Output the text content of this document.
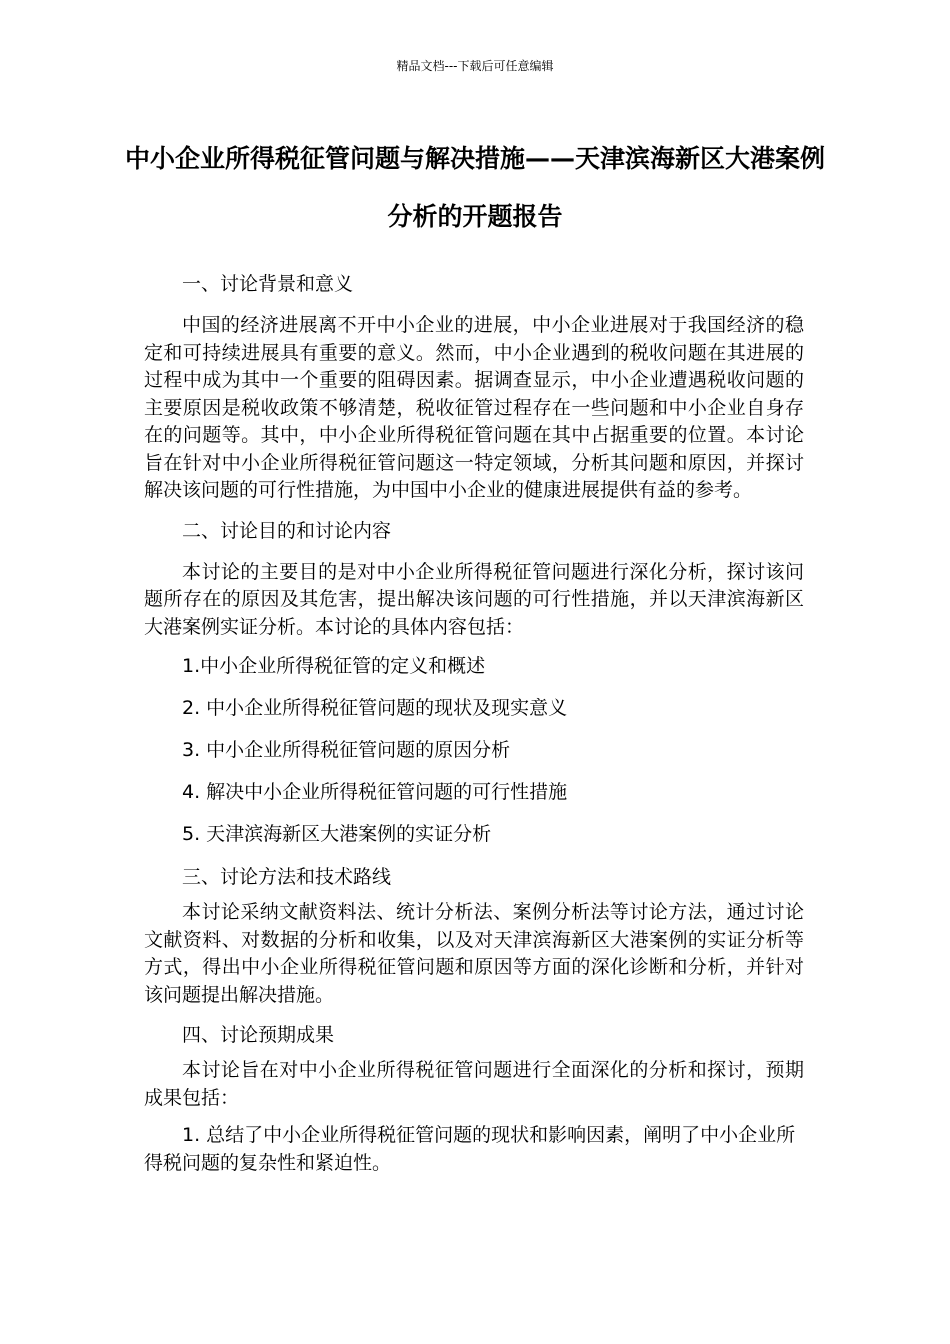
精品文档---下载后可任意编辑
中小企业所得税征管问题与解决措施——天津滨海新区大港案例分析的开题报告

一、讨论背景和意义

中国的经济进展离不开中小企业的进展，中小企业进展对于我国经济的稳定和可持续进展具有重要的意义。然而，中小企业遇到的税收问题在其进展的过程中成为其中一个重要的阻碍因素。据调查显示，中小企业遭遇税收问题的主要原因是税收政策不够清楚，税收征管过程存在一些问题和中小企业自身存在的问题等。其中，中小企业所得税征管问题在其中占据重要的位置。本讨论旨在针对中小企业所得税征管问题这一特定领域，分析其问题和原因，并探讨解决该问题的可行性措施，为中国中小企业的健康进展提供有益的参考。

二、讨论目的和讨论内容

本讨论的主要目的是对中小企业所得税征管问题进行深化分析，探讨该问题所存在的原因及其危害，提出解决该问题的可行性措施，并以天津滨海新区大港案例实证分析。本讨论的具体内容包括：

1.中小企业所得税征管的定义和概述

2. 中小企业所得税征管问题的现状及现实意义

3. 中小企业所得税征管问题的原因分析

4. 解决中小企业所得税征管问题的可行性措施

5. 天津滨海新区大港案例的实证分析

三、讨论方法和技术路线

本讨论采纳文献资料法、统计分析法、案例分析法等讨论方法，通过讨论文献资料、对数据的分析和收集，以及对天津滨海新区大港案例的实证分析等方式，得出中小企业所得税征管问题和原因等方面的深化诊断和分析，并针对该问题提出解决措施。

四、讨论预期成果

本讨论旨在对中小企业所得税征管问题进行全面深化的分析和探讨，预期成果包括：

1. 总结了中小企业所得税征管问题的现状和影响因素，阐明了中小企业所得税问题的复杂性和紧迫性。
